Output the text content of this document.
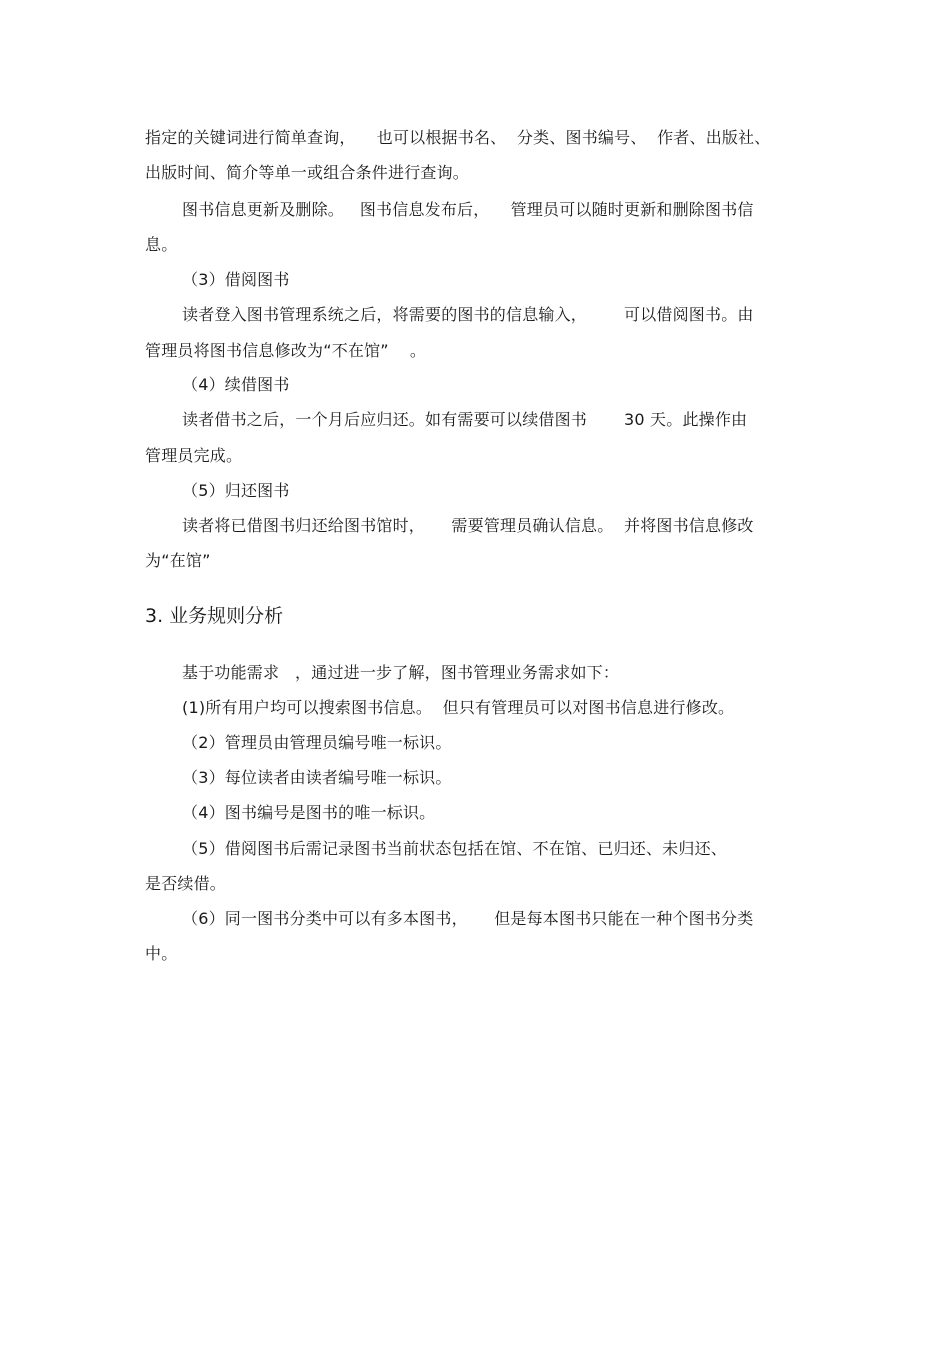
指定的关键词进行简单查询，    也可以根据书名、  分类、图书编号、  作者、出版社、
出版时间、简介等单一或组合条件进行查询。
图书信息更新及删除。   图书信息发布后，    管理员可以随时更新和删除图书信
息。
（3）借阅图书
读者登入图书管理系统之后，将需要的图书的信息输入，       可以借阅图书。由
管理员将图书信息修改为“不在馆”    。
（4）续借图书
读者借书之后，一个月后应归还。如有需要可以续借图书       30 天。此操作由
管理员完成。
（5）归还图书
读者将已借图书归还给图书馆时，     需要管理员确认信息。  并将图书信息修改
为“在馆”
3. 业务规则分析
基于功能需求   ，通过进一步了解，图书管理业务需求如下：
(1)所有用户均可以搜索图书信息。  但只有管理员可以对图书信息进行修改。
（2）管理员由管理员编号唯一标识。
（3）每位读者由读者编号唯一标识。
（4）图书编号是图书的唯一标识。
（5）借阅图书后需记录图书当前状态包括在馆、不在馆、已归还、未归还、
是否续借。
（6）同一图书分类中可以有多本图书，     但是每本图书只能在一种个图书分类
中。
